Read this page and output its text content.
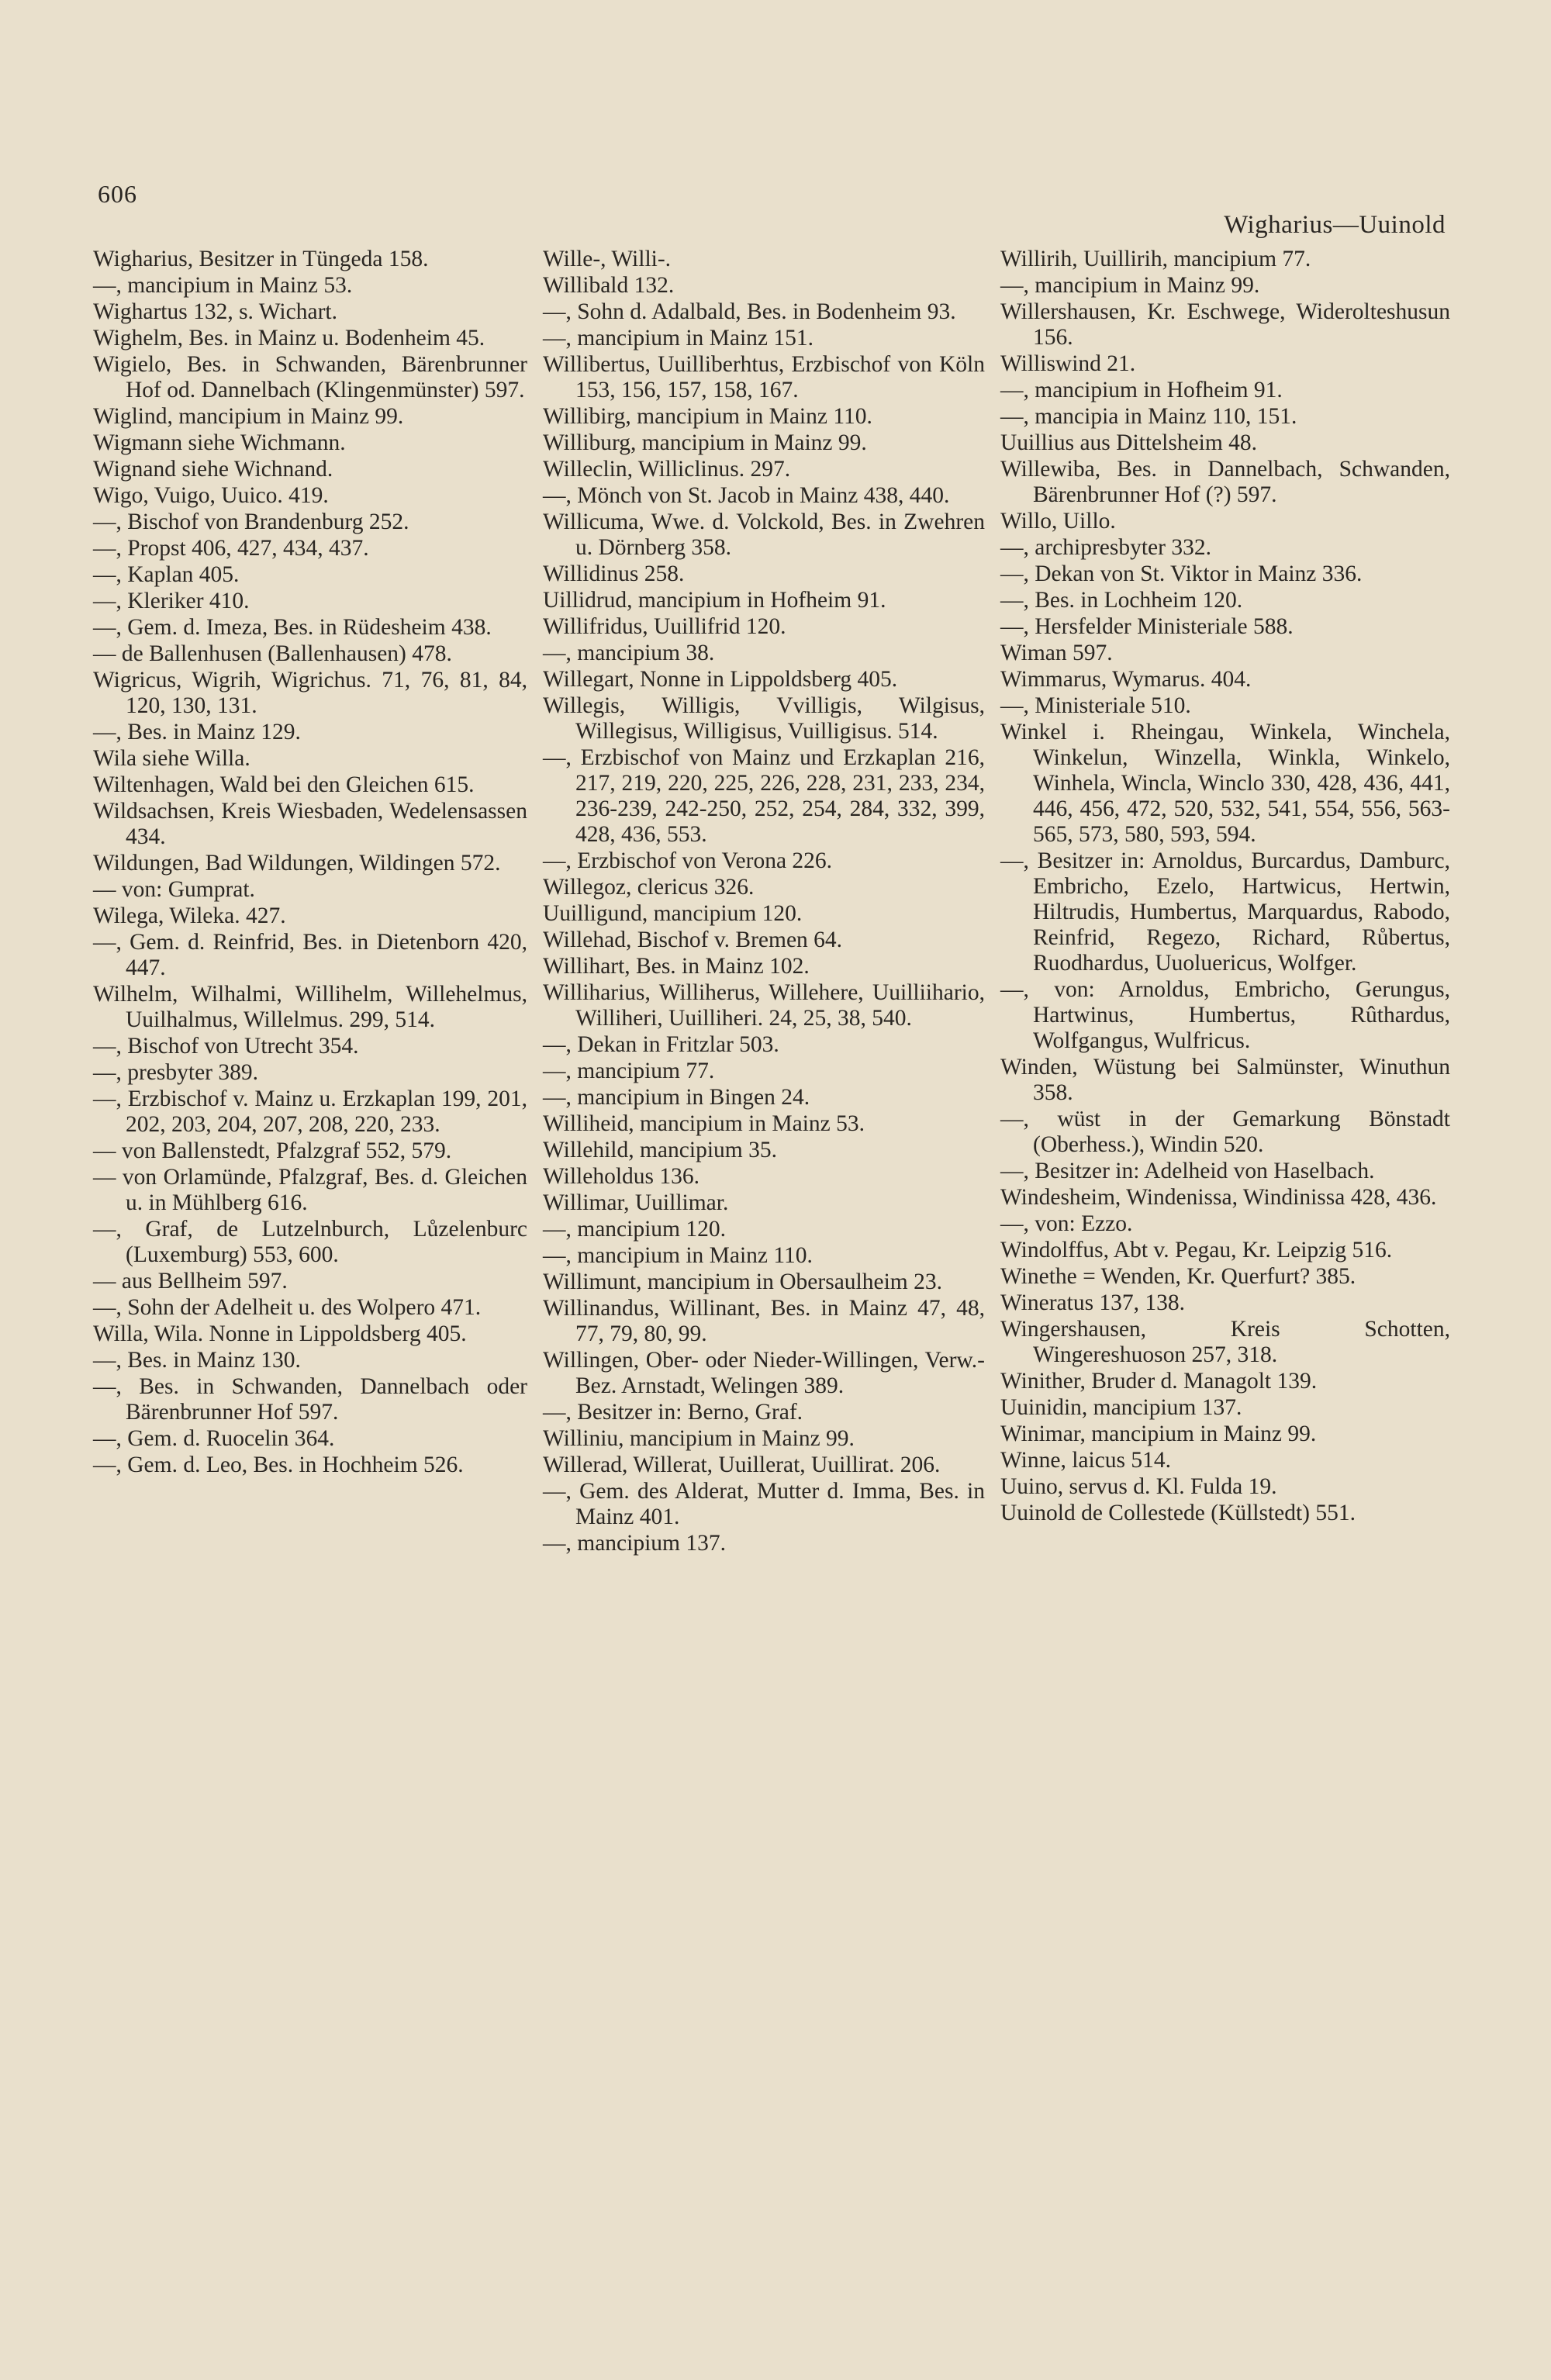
606
Wigharius—Uuinold

Wigharius, Besitzer in Tüngeda 158.

—, mancipium in Mainz 53.

Wighartus 132, s. Wichart.

Wighelm, Bes. in Mainz u. Bodenheim 45.

Wigielo, Bes. in Schwanden, Bärenbrunner Hof od. Dannelbach (Klingenmünster) 597.

Wiglind, mancipium in Mainz 99.

Wigmann siehe Wichmann.

Wignand siehe Wichnand.

Wigo, Vuigo, Uuico. 419.

—, Bischof von Brandenburg 252.

—, Propst 406, 427, 434, 437.

—, Kaplan 405.

—, Kleriker 410.

—, Gem. d. Imeza, Bes. in Rüdesheim 438.

— de Ballenhusen (Ballenhausen) 478.

Wigricus, Wigrih, Wigrichus. 71, 76, 81, 84, 120, 130, 131.

—, Bes. in Mainz 129.

Wila siehe Willa.

Wiltenhagen, Wald bei den Gleichen 615.

Wildsachsen, Kreis Wiesbaden, Wedelensassen 434.

Wildungen, Bad Wildungen, Wildingen 572.

— von: Gumprat.

Wilega, Wileka. 427.

—, Gem. d. Reinfrid, Bes. in Dietenborn 420, 447.

Wilhelm, Wilhalmi, Willihelm, Willehelmus, Uuilhalmus, Willelmus. 299, 514.

—, Bischof von Utrecht 354.

—, presbyter 389.

—, Erzbischof v. Mainz u. Erzkaplan 199, 201, 202, 203, 204, 207, 208, 220, 233.

— von Ballenstedt, Pfalzgraf 552, 579.

— von Orlamünde, Pfalzgraf, Bes. d. Gleichen u. in Mühlberg 616.

—, Graf, de Lutzelnburch, Lůzelenburc (Luxemburg) 553, 600.

— aus Bellheim 597.

—, Sohn der Adelheit u. des Wolpero 471.

Willa, Wila. Nonne in Lippoldsberg 405.

—, Bes. in Mainz 130.

—, Bes. in Schwanden, Dannelbach oder Bärenbrunner Hof 597.

—, Gem. d. Ruocelin 364.

—, Gem. d. Leo, Bes. in Hochheim 526.

Wille-, Willi-.

Willibald 132.

—, Sohn d. Adalbald, Bes. in Bodenheim 93.

—, mancipium in Mainz 151.

Willibertus, Uuilliberhtus, Erzbischof von Köln 153, 156, 157, 158, 167.

Willibirg, mancipium in Mainz 110.

Williburg, mancipium in Mainz 99.

Willeclin, Williclinus. 297.

—, Mönch von St. Jacob in Mainz 438, 440.

Willicuma, Wwe. d. Volckold, Bes. in Zwehren u. Dörnberg 358.

Willidinus 258.

Uillidrud, mancipium in Hofheim 91.

Willifridus, Uuillifrid 120.

—, mancipium 38.

Willegart, Nonne in Lippoldsberg 405.

Willegis, Willigis, Vvilligis, Wilgisus, Willegisus, Willigisus, Vuilligisus. 514.

—, Erzbischof von Mainz und Erzkaplan 216, 217, 219, 220, 225, 226, 228, 231, 233, 234, 236-239, 242-250, 252, 254, 284, 332, 399, 428, 436, 553.

—, Erzbischof von Verona 226.

Willegoz, clericus 326.

Uuilligund, mancipium 120.

Willehad, Bischof v. Bremen 64.

Willihart, Bes. in Mainz 102.

Williharius, Williherus, Willehere, Uuilliihario, Williheri, Uuilliheri. 24, 25, 38, 540.

—, Dekan in Fritzlar 503.

—, mancipium 77.

—, mancipium in Bingen 24.

Williheid, mancipium in Mainz 53.

Willehild, mancipium 35.

Willeholdus 136.

Willimar, Uuillimar.

—, mancipium 120.

—, mancipium in Mainz 110.

Willimunt, mancipium in Obersaulheim 23.

Willinandus, Willinant, Bes. in Mainz 47, 48, 77, 79, 80, 99.

Willingen, Ober- oder Nieder-Willingen, Verw.-Bez. Arnstadt, Welingen 389.

—, Besitzer in: Berno, Graf.

Williniu, mancipium in Mainz 99.

Willerad, Willerat, Uuillerat, Uuillirat. 206.

—, Gem. des Alderat, Mutter d. Imma, Bes. in Mainz 401.

—, mancipium 137.

Willirih, Uuillirih, mancipium 77.

—, mancipium in Mainz 99.

Willershausen, Kr. Eschwege, Widerolteshusun 156.

Williswind 21.

—, mancipium in Hofheim 91.

—, mancipia in Mainz 110, 151.

Uuillius aus Dittelsheim 48.

Willewiba, Bes. in Dannelbach, Schwanden, Bärenbrunner Hof (?) 597.

Willo, Uillo.

—, archipresbyter 332.

—, Dekan von St. Viktor in Mainz 336.

—, Bes. in Lochheim 120.

—, Hersfelder Ministeriale 588.

Wiman 597.

Wimmarus, Wymarus. 404.

—, Ministeriale 510.

Winkel i. Rheingau, Winkela, Winchela, Winkelun, Winzella, Winkla, Winkelo, Winhela, Wincla, Winclo 330, 428, 436, 441, 446, 456, 472, 520, 532, 541, 554, 556, 563-565, 573, 580, 593, 594.

—, Besitzer in: Arnoldus, Burcardus, Damburc, Embricho, Ezelo, Hartwicus, Hertwin, Hiltrudis, Humbertus, Marquardus, Rabodo, Reinfrid, Regezo, Richard, Růbertus, Ruodhardus, Uuoluericus, Wolfger.

—, von: Arnoldus, Embricho, Gerungus, Hartwinus, Humbertus, Rûthardus, Wolfgangus, Wulfricus.

Winden, Wüstung bei Salmünster, Winuthun 358.

—, wüst in der Gemarkung Bönstadt (Oberhess.), Windin 520.

—, Besitzer in: Adelheid von Haselbach.

Windesheim, Windenissa, Windinissa 428, 436.

—, von: Ezzo.

Windolffus, Abt v. Pegau, Kr. Leipzig 516.

Winethe = Wenden, Kr. Querfurt? 385.

Wineratus 137, 138.

Wingershausen, Kreis Schotten, Wingereshuoson 257, 318.

Winither, Bruder d. Managolt 139.

Uuinidin, mancipium 137.

Winimar, mancipium in Mainz 99.

Winne, laicus 514.

Uuino, servus d. Kl. Fulda 19.

Uuinold de Collestede (Küllstedt) 551.
